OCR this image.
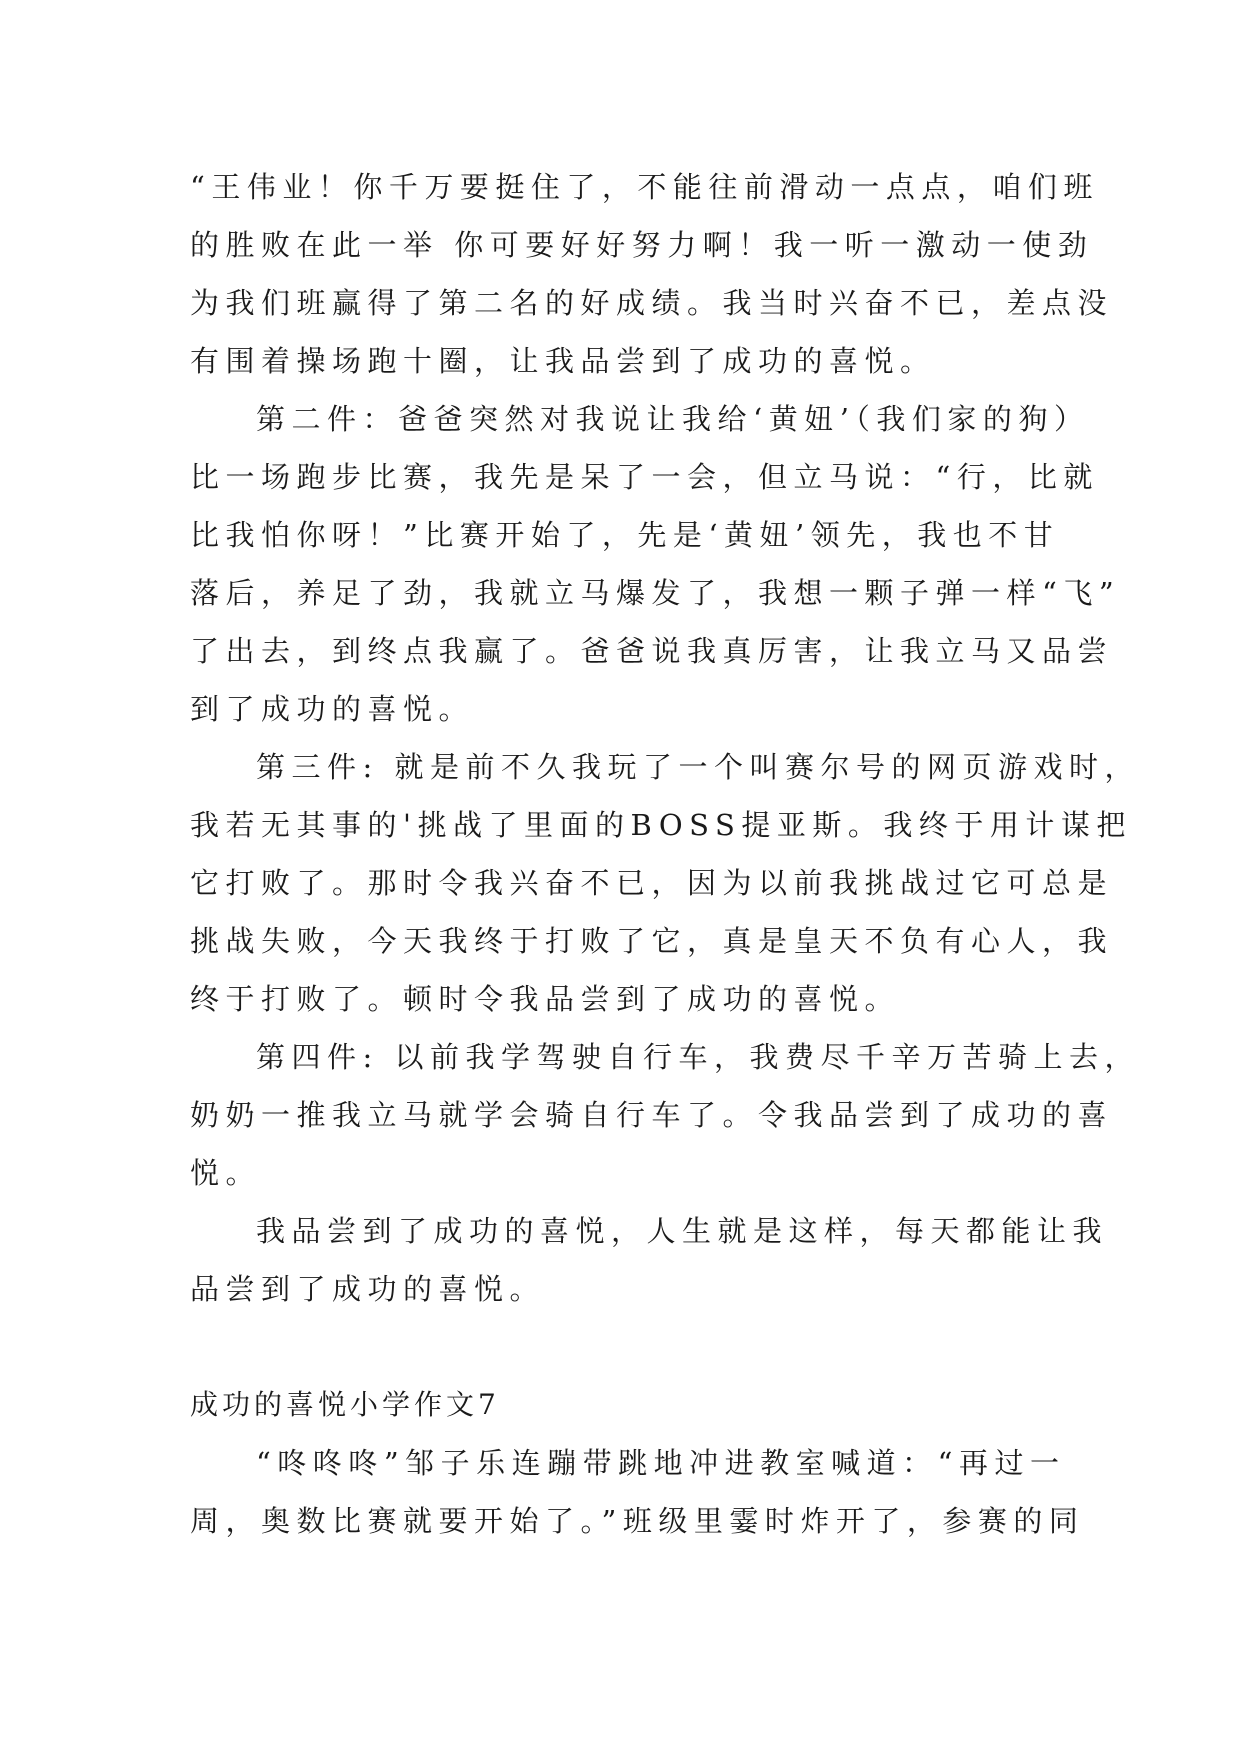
“王伟业！你千万要挺住了，不能往前滑动一点点，咱们班
的胜败在此一举 你可要好好努力啊！我一听一激动一使劲
为我们班赢得了第二名的好成绩。我当时兴奋不已，差点没
有围着操场跑十圈，让我品尝到了成功的喜悦。
第二件：爸爸突然对我说让我给‘黄妞’（我们家的狗）
比一场跑步比赛，我先是呆了一会，但立马说：“行，比就
比我怕你呀！”比赛开始了，先是‘黄妞’领先，我也不甘
落后，养足了劲，我就立马爆发了，我想一颗子弹一样“飞”
了出去，到终点我赢了。爸爸说我真厉害，让我立马又品尝
到了成功的喜悦。
第三件: 就是前不久我玩了一个叫赛尔号的网页游戏时，
我若无其事的'挑战了里面的BOSS提亚斯。我终于用计谋把
它打败了。那时令我兴奋不已，因为以前我挑战过它可总是
挑战失败，今天我终于打败了它，真是皇天不负有心人，我
终于打败了。顿时令我品尝到了成功的喜悦。
第四件: 以前我学驾驶自行车，我费尽千辛万苦骑上去，
奶奶一推我立马就学会骑自行车了。令我品尝到了成功的喜
悦。
我品尝到了成功的喜悦，人生就是这样，每天都能让我
品尝到了成功的喜悦。
成功的喜悦小学作文7
“咚咚咚”邹子乐连蹦带跳地冲进教室喊道：“再过一
周，奥数比赛就要开始了。”班级里霎时炸开了，参赛的同
